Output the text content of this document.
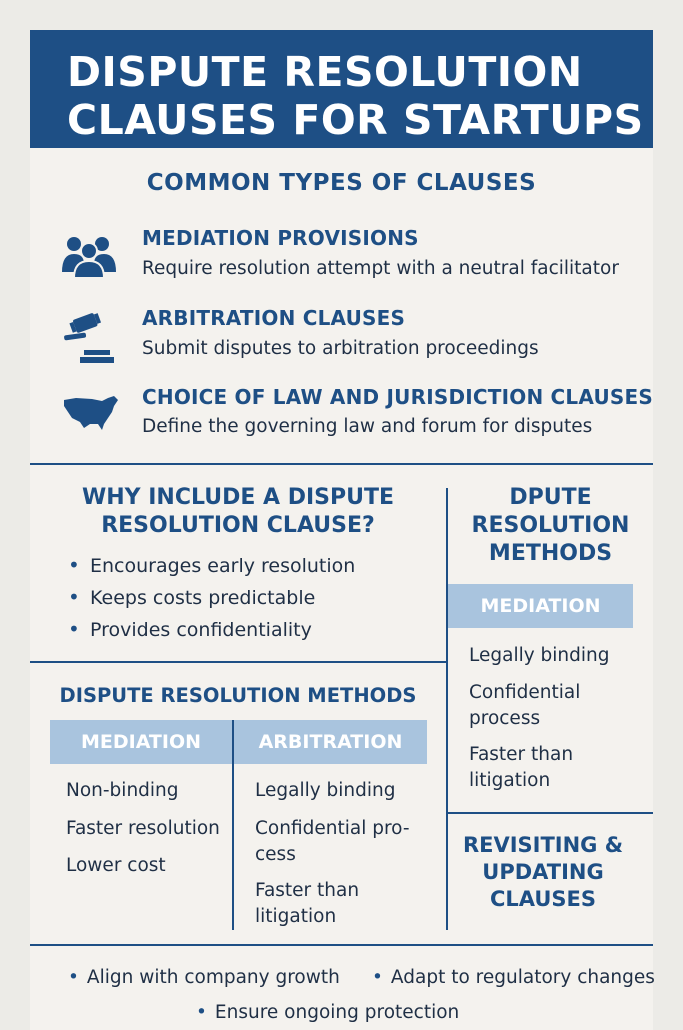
DISPUTE RESOLUTION
CLAUSES FOR STARTUPS
COMMON TYPES OF CLAUSES
MEDIATION PROVISIONS
Require resolution attempt with a neutral facilitator
ARBITRATION CLAUSES
Submit disputes to arbitration proceedings
CHOICE OF LAW AND JURISDICTION CLAUSES
Define the governing law and forum for disputes
WHY INCLUDE A DISPUTE
RESOLUTION CLAUSE?
• Encourages early resolution
• Keeps costs predictable
• Provides confidentiality
DISPUTE RESOLUTION METHODS
MEDIATION	ARBITRATION
Non-binding
Faster resolution
Lower cost
Legally binding
Confidential pro-
cess
Faster than
litigation
DPUTE
RESOLUTION
METHODS
MEDIATION
Legally binding
Confidential
process
Faster than
litigation
REVISITING &
UPDATING
CLAUSES
• Align with company growth • Adapt to regulatory changes
• Ensure ongoing protection
